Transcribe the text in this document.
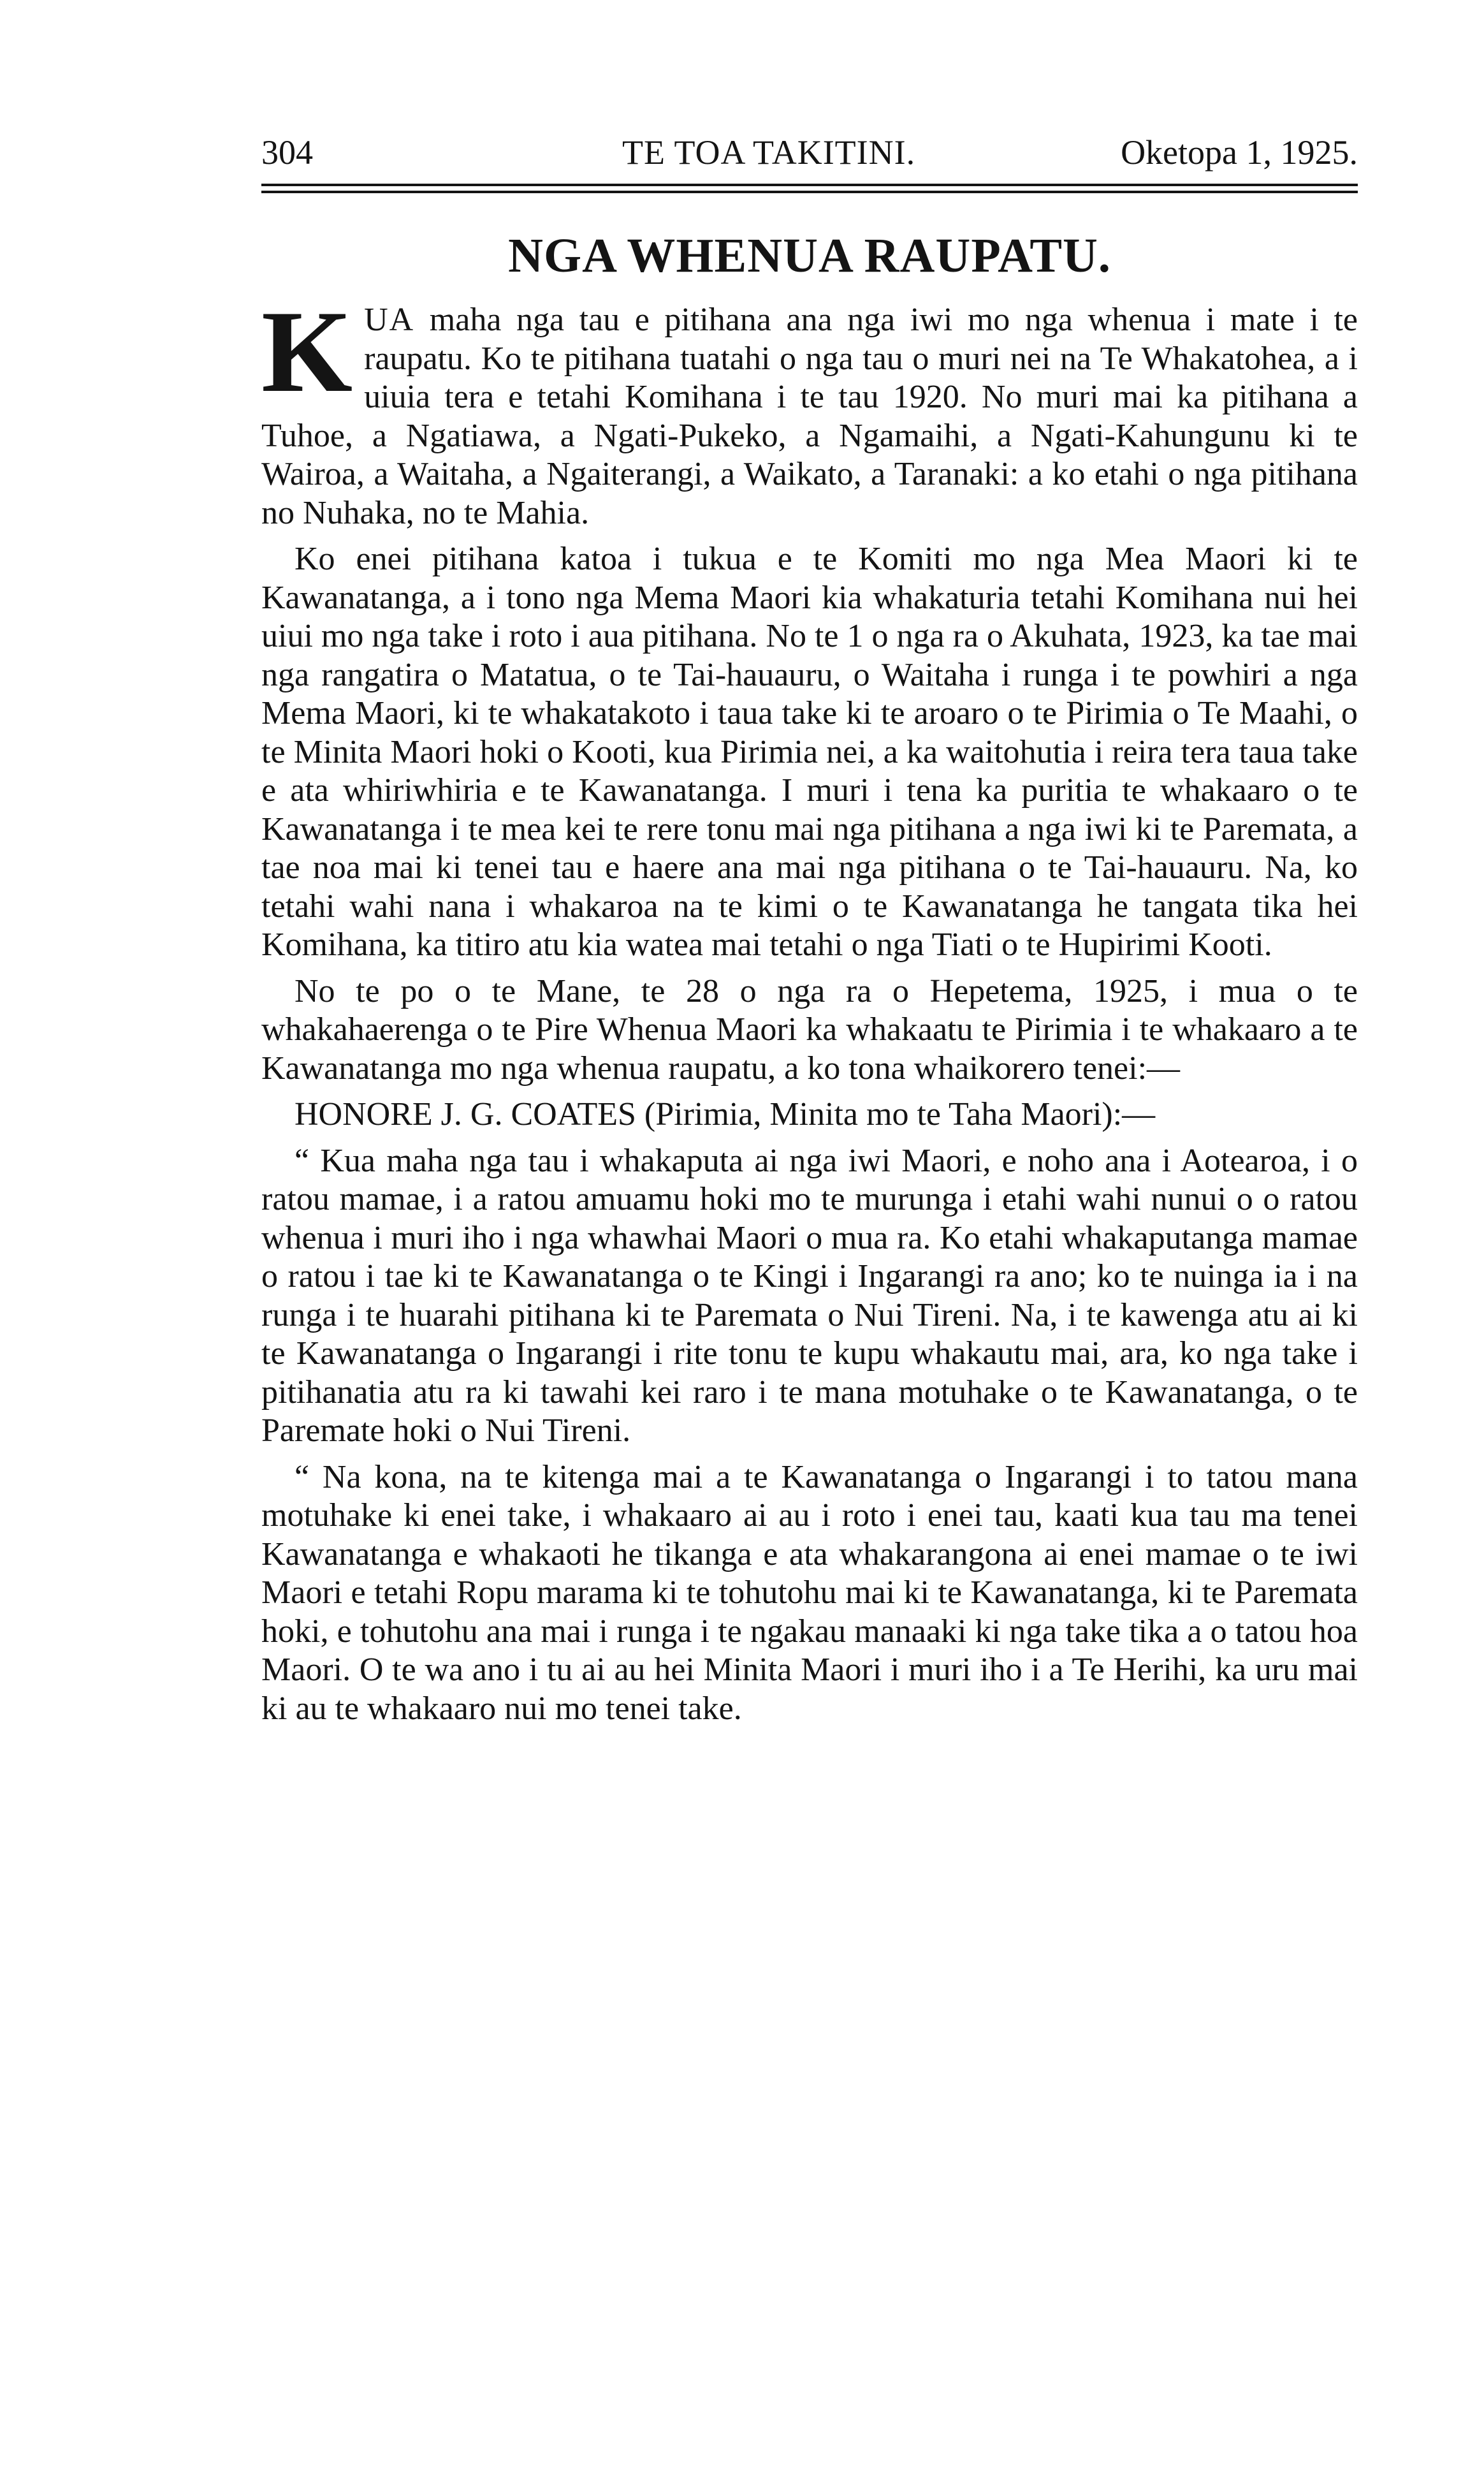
304	TE TOA TAKITINI.	Oketopa 1, 1925.
NGA WHENUA RAUPATU.

KUA maha nga tau e pitihana ana nga iwi mo nga whenua i mate i te raupatu. Ko te pitihana tuatahi o nga tau o muri nei na Te Whakatohea, a i uiuia tera e tetahi Komihana i te tau 1920. No muri mai ka pitihana a Tuhoe, a Ngatiawa, a Ngati-Pukeko, a Ngamaihi, a Ngati-Kahungunu ki te Wairoa, a Waitaha, a Ngaiterangi, a Waikato, a Taranaki: a ko etahi o nga pitihana no Nuhaka, no te Mahia.

Ko enei pitihana katoa i tukua e te Komiti mo nga Mea Maori ki te Kawanatanga, a i tono nga Mema Maori kia whakaturia tetahi Komihana nui hei uiui mo nga take i roto i aua pitihana. No te 1 o nga ra o Akuhata, 1923, ka tae mai nga rangatira o Matatua, o te Tai-hauauru, o Waitaha i runga i te powhiri a nga Mema Maori, ki te whakatakoto i taua take ki te aroaro o te Pirimia o Te Maahi, o te Minita Maori hoki o Kooti, kua Pirimia nei, a ka waitohutia i reira tera taua take e ata whiriwhiria e te Kawanatanga. I muri i tena ka puritia te whakaaro o te Kawanatanga i te mea kei te rere tonu mai nga pitihana a nga iwi ki te Paremata, a tae noa mai ki tenei tau e haere ana mai nga pitihana o te Tai-hauauru. Na, ko tetahi wahi nana i whakaroa na te kimi o te Kawanatanga he tangata tika hei Komihana, ka titiro atu kia watea mai tetahi o nga Tiati o te Hupirimi Kooti.

No te po o te Mane, te 28 o nga ra o Hepetema, 1925, i mua o te whakahaerenga o te Pire Whenua Maori ka whakaatu te Pirimia i te whakaaro a te Kawanatanga mo nga whenua raupatu, a ko tona whaikorero tenei:—

HONORE J. G. COATES (Pirimia, Minita mo te Taha Maori):—

“ Kua maha nga tau i whakaputa ai nga iwi Maori, e noho ana i Aotearoa, i o ratou mamae, i a ratou amuamu hoki mo te murunga i etahi wahi nunui o o ratou whenua i muri iho i nga whawhai Maori o mua ra. Ko etahi whakaputanga mamae o ratou i tae ki te Kawanatanga o te Kingi i Ingarangi ra ano; ko te nuinga ia i na runga i te huarahi pitihana ki te Paremata o Nui Tireni. Na, i te kawenga atu ai ki te Kawanatanga o Ingarangi i rite tonu te kupu whakautu mai, ara, ko nga take i pitihanatia atu ra ki tawahi kei raro i te mana motuhake o te Kawanatanga, o te Paremate hoki o Nui Tireni.

“ Na kona, na te kitenga mai a te Kawanatanga o Ingarangi i to tatou mana motuhake ki enei take, i whakaaro ai au i roto i enei tau, kaati kua tau ma tenei Kawanatanga e whakaoti he tikanga e ata whakarangona ai enei mamae o te iwi Maori e tetahi Ropu marama ki te tohutohu mai ki te Kawanatanga, ki te Paremata hoki, e tohutohu ana mai i runga i te ngakau manaaki ki nga take tika a o tatou hoa Maori. O te wa ano i tu ai au hei Minita Maori i muri iho i a Te Herihi, ka uru mai ki au te whakaaro nui mo tenei take.
